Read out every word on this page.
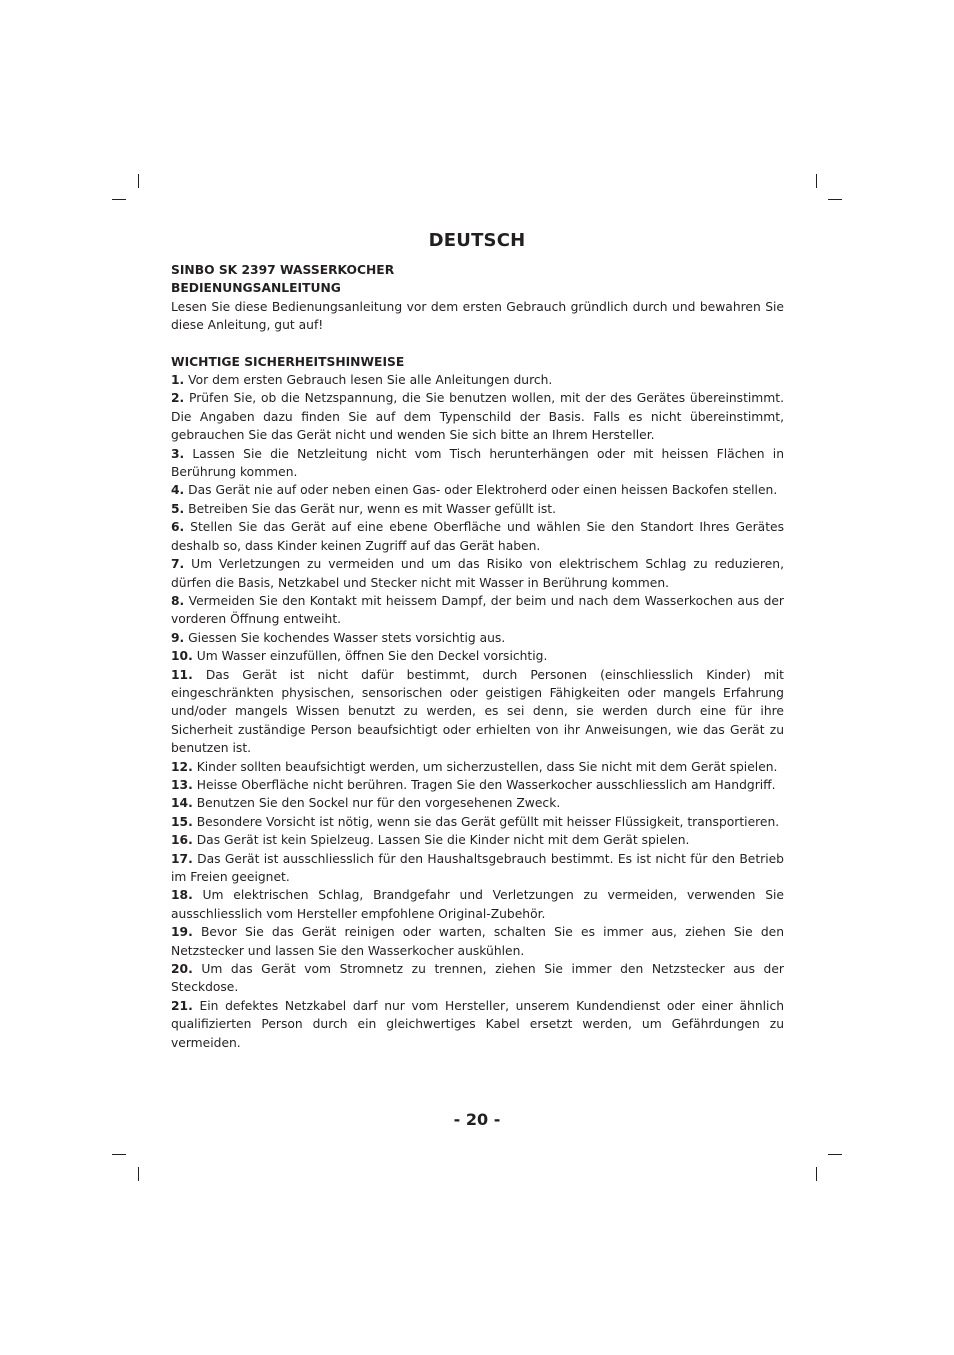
DEUTSCH

SINBO SK 2397 WASSERKOCHER

BEDIENUNGSANLEITUNG

Lesen Sie diese Bedienungsanleitung vor dem ersten Gebrauch gründlich durch und bewahren Sie diese Anleitung, gut auf!

WICHTIGE SICHERHEITSHINWEISE

1. Vor dem ersten Gebrauch lesen Sie alle Anleitungen durch.

2. Prüfen Sie, ob die Netzspannung, die Sie benutzen wollen, mit der des Gerätes übereinstimmt. Die Angaben dazu finden Sie auf dem Typenschild der Basis. Falls es nicht übereinstimmt, gebrauchen Sie das Gerät nicht und wenden Sie sich bitte an Ihrem Hersteller.

3. Lassen Sie die Netzleitung nicht vom Tisch herunterhängen oder mit heissen Flächen in Berührung kommen.

4. Das Gerät nie auf oder neben einen Gas- oder Elektroherd oder einen heissen Backofen stellen.

5. Betreiben Sie das Gerät nur, wenn es mit Wasser gefüllt ist.

6. Stellen Sie das Gerät auf eine ebene Oberfläche und wählen Sie den Standort Ihres Gerätes deshalb so, dass Kinder keinen Zugriff auf das Gerät haben.

7. Um Verletzungen zu vermeiden und um das Risiko von elektrischem Schlag zu reduzieren, dürfen die Basis, Netzkabel und Stecker nicht mit Wasser in Berührung kommen.

8. Vermeiden Sie den Kontakt mit heissem Dampf, der beim und nach dem Wasserkochen aus der vorderen Öffnung entweiht.

9. Giessen Sie kochendes Wasser stets vorsichtig aus.

10. Um Wasser einzufüllen, öffnen Sie den Deckel vorsichtig.

11. Das Gerät ist nicht dafür bestimmt, durch Personen (einschliesslich Kinder) mit eingeschränkten physischen, sensorischen oder geistigen Fähigkeiten oder mangels Erfahrung und/oder mangels Wissen benutzt zu werden, es sei denn, sie werden durch eine für ihre Sicherheit zuständige Person beaufsichtigt oder erhielten von ihr Anweisungen, wie das Gerät zu benutzen ist.

12. Kinder sollten beaufsichtigt werden, um sicherzustellen, dass Sie nicht mit dem Gerät spielen.

13. Heisse Oberfläche nicht berühren. Tragen Sie den Wasserkocher ausschliesslich am Handgriff.

14. Benutzen Sie den Sockel nur für den vorgesehenen Zweck.

15. Besondere Vorsicht ist nötig, wenn sie das Gerät gefüllt mit heisser Flüssigkeit, transportieren.

16. Das Gerät ist kein Spielzeug. Lassen Sie die Kinder nicht mit dem Gerät spielen.

17. Das Gerät ist ausschliesslich für den Haushaltsgebrauch bestimmt. Es ist nicht für den Betrieb im Freien geeignet.

18. Um elektrischen Schlag, Brandgefahr und Verletzungen zu vermeiden, verwenden Sie ausschliesslich vom Hersteller empfohlene Original-Zubehör.

19. Bevor Sie das Gerät reinigen oder warten, schalten Sie es immer aus, ziehen Sie den Netzstecker und lassen Sie den Wasserkocher auskühlen.

20. Um das Gerät vom Stromnetz zu trennen, ziehen Sie immer den Netzstecker aus der Steckdose.

21. Ein defektes Netzkabel darf nur vom Hersteller, unserem Kundendienst oder einer ähnlich qualifizierten Person durch ein gleichwertiges Kabel ersetzt werden, um Gefährdungen zu vermeiden.

- 20 -
